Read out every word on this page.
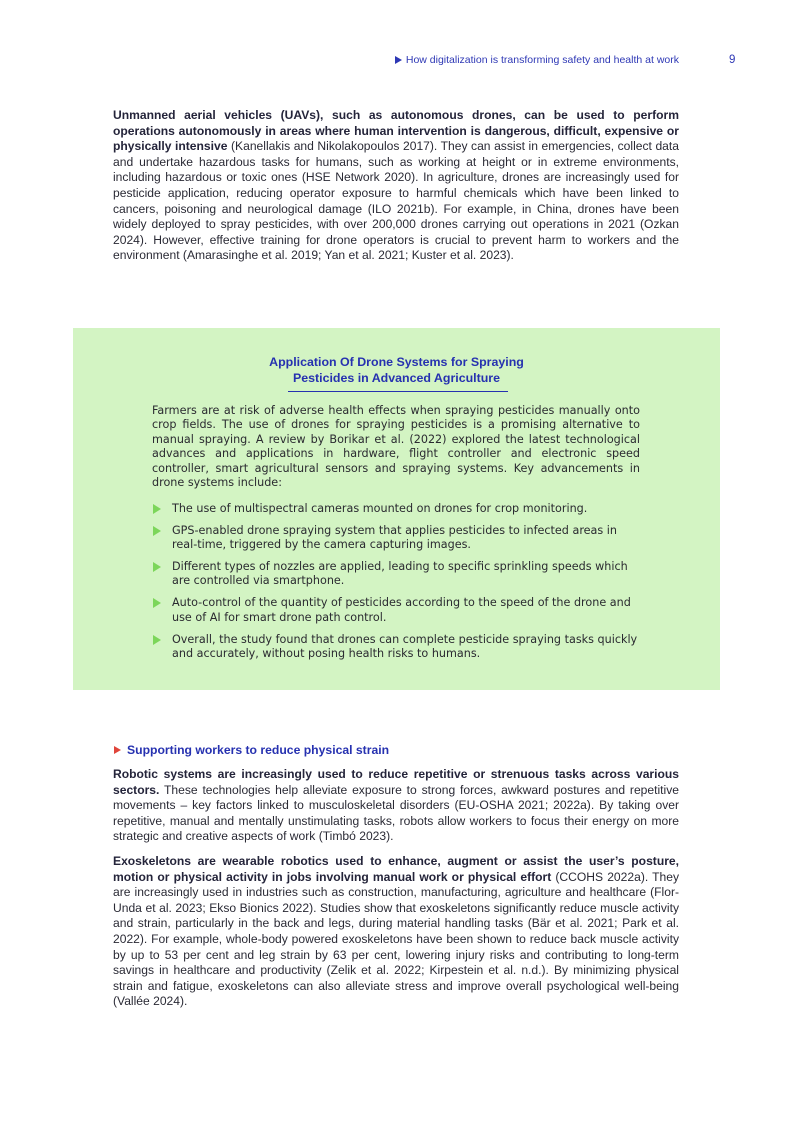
How digitalization is transforming safety and health at work	9

Unmanned aerial vehicles (UAVs), such as autonomous drones, can be used to perform operations autonomously in areas where human intervention is dangerous, difficult, expensive or physically intensive (Kanellakis and Nikolakopoulos 2017). They can assist in emergencies, collect data and undertake hazardous tasks for humans, such as working at height or in extreme environments, including hazardous or toxic ones (HSE Network 2020). In agriculture, drones are increasingly used for pesticide application, reducing operator exposure to harmful chemicals which have been linked to cancers, poisoning and neurological damage (ILO 2021b). For example, in China, drones have been widely deployed to spray pesticides, with over 200,000 drones carrying out operations in 2021 (Ozkan 2024). However, effective training for drone operators is crucial to prevent harm to workers and the environment (Amarasinghe et al. 2019; Yan et al. 2021; Kuster et al. 2023).

Application Of Drone Systems for Spraying
Pesticides in Advanced Agriculture

Farmers are at risk of adverse health effects when spraying pesticides manually onto crop fields. The use of drones for spraying pesticides is a promising alternative to manual spraying. A review by Borikar et al. (2022) explored the latest technological advances and applications in hardware, flight controller and electronic speed controller, smart agricultural sensors and spraying systems. Key advancements in drone systems include:

The use of multispectral cameras mounted on drones for crop monitoring.
GPS-enabled drone spraying system that applies pesticides to infected areas in real-time, triggered by the camera capturing images.
Different types of nozzles are applied, leading to specific sprinkling speeds which are controlled via smartphone.
Auto-control of the quantity of pesticides according to the speed of the drone and use of AI for smart drone path control.
Overall, the study found that drones can complete pesticide spraying tasks quickly and accurately, without posing health risks to humans.
Supporting workers to reduce physical strain

Robotic systems are increasingly used to reduce repetitive or strenuous tasks across various sectors. These technologies help alleviate exposure to strong forces, awkward postures and repetitive movements – key factors linked to musculoskeletal disorders (EU-OSHA 2021; 2022a). By taking over repetitive, manual and mentally unstimulating tasks, robots allow workers to focus their energy on more strategic and creative aspects of work (Timbó 2023).

Exoskeletons are wearable robotics used to enhance, augment or assist the user’s posture, motion or physical activity in jobs involving manual work or physical effort (CCOHS 2022a). They are increasingly used in industries such as construction, manufacturing, agriculture and healthcare (Flor-Unda et al. 2023; Ekso Bionics 2022). Studies show that exoskeletons significantly reduce muscle activity and strain, particularly in the back and legs, during material handling tasks (Bär et al. 2021; Park et al. 2022). For example, whole-body powered exoskeletons have been shown to reduce back muscle activity by up to 53 per cent and leg strain by 63 per cent, lowering injury risks and contributing to long-term savings in healthcare and productivity (Zelik et al. 2022; Kirpestein et al. n.d.). By minimizing physical strain and fatigue, exoskeletons can also alleviate stress and improve overall psychological well-being (Vallée 2024).
